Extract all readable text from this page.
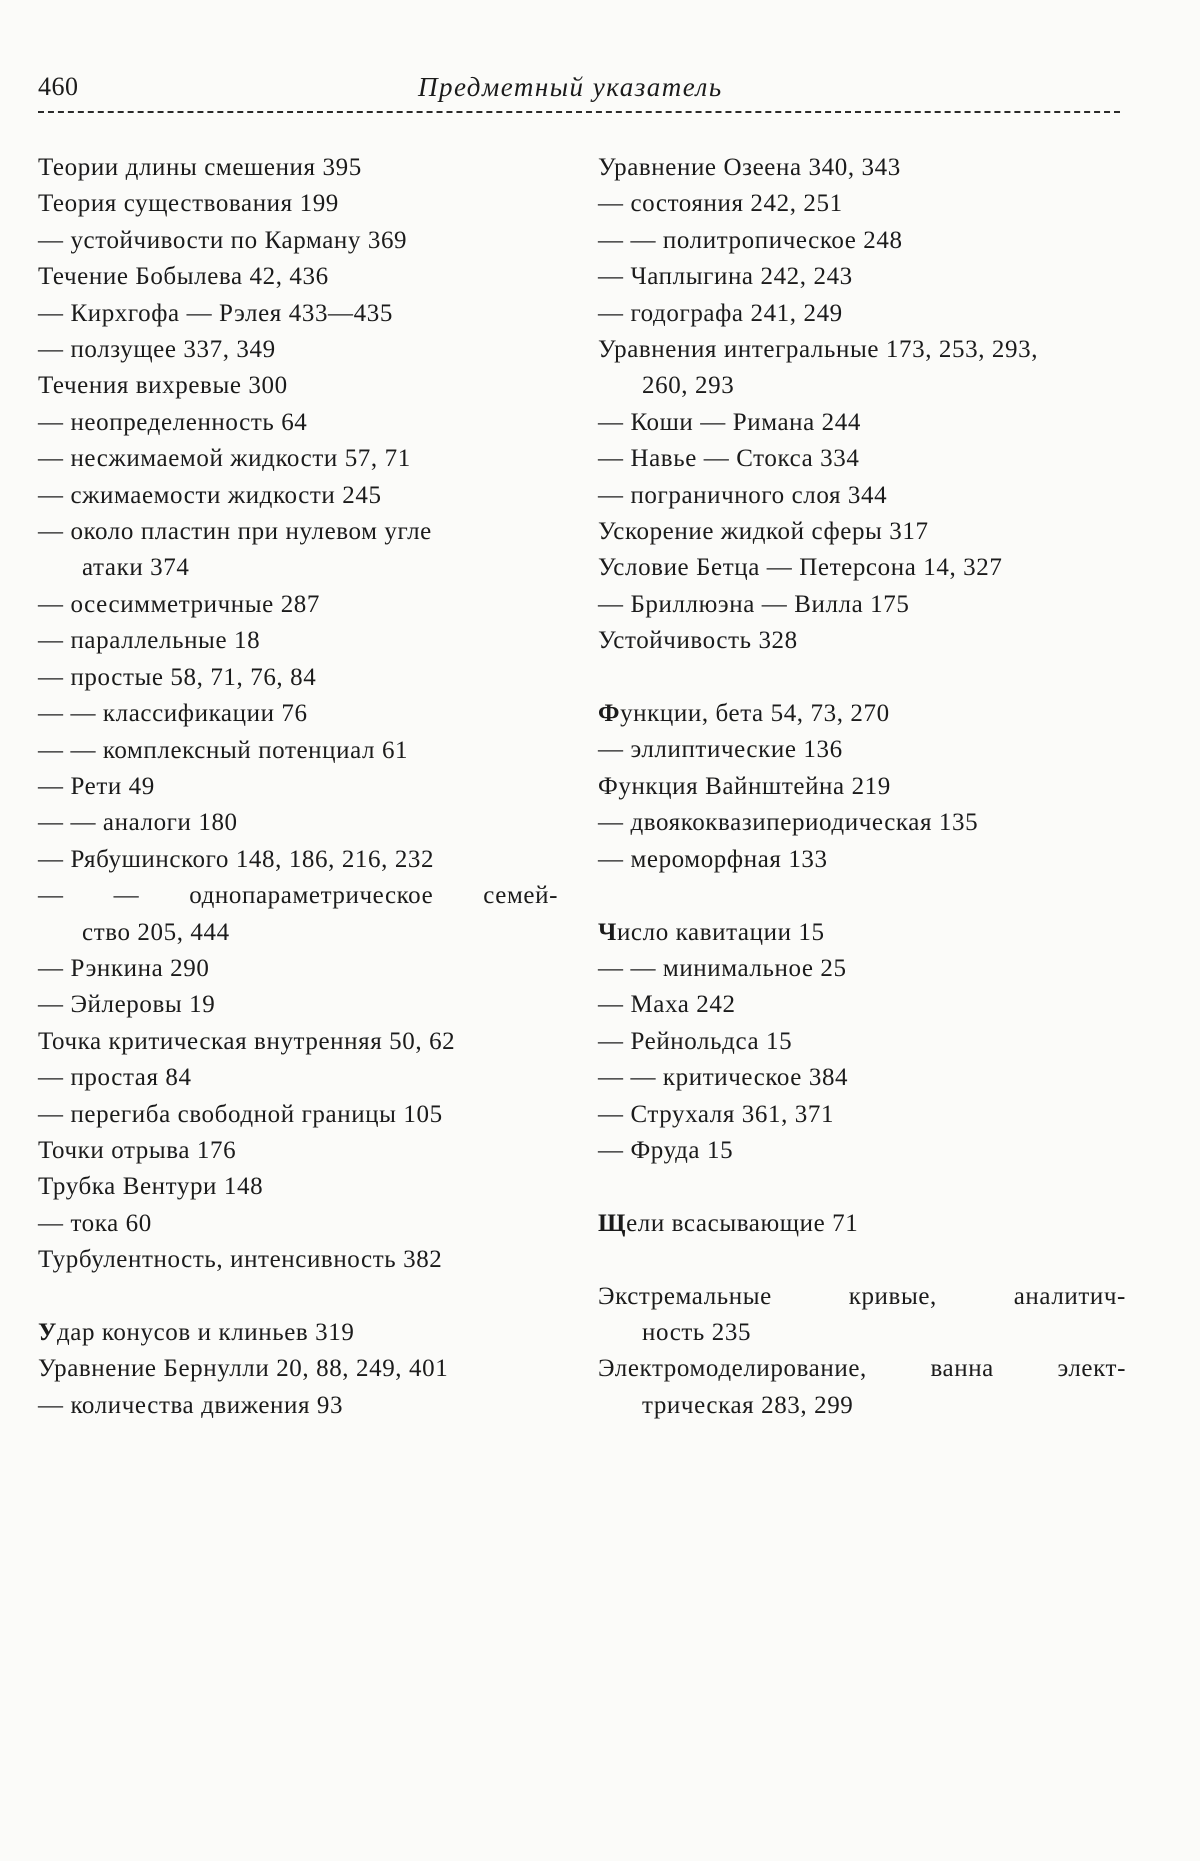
460	Предметный указатель
Теории длины смешения 395
Теория существования 199
— устойчивости по Карману 369
Течение Бобылева 42, 436
— Кирхгофа — Рэлея 433—435
— ползущее 337, 349
Течения вихревые 300
— неопределенность 64
— несжимаемой жидкости 57, 71
— сжимаемости жидкости 245
— около пластин при нулевом угле
атаки 374
— осесимметричные 287
— параллельные 18
— простые 58, 71, 76, 84
— — классификации 76
— — комплексный потенциал 61
— Рети 49
— — аналоги 180
— Рябушинского 148, 186, 216, 232
— — однопараметрическое семей-
ство 205, 444
— Рэнкина 290
— Эйлеровы 19
Точка критическая внутренняя 50, 62
— простая 84
— перегиба свободной границы 105
Точки отрыва 176
Трубка Вентури 148
— тока 60
Турбулентность, интенсивность 382
Удар конусов и клиньев 319
Уравнение Бернулли 20, 88, 249, 401
— количества движения 93
Уравнение Озеена 340, 343
— состояния 242, 251
— — политропическое 248
— Чаплыгина 242, 243
— годографа 241, 249
Уравнения интегральные 173, 253, 293,
260, 293
— Коши — Римана 244
— Навье — Стокса 334
— пограничного слоя 344
Ускорение жидкой сферы 317
Условие Бетца — Петерсона 14, 327
— Бриллюэна — Вилла 175
Устойчивость 328
Функции, бета 54, 73, 270
— эллиптические 136
Функция Вайнштейна 219
— двоякоквазипериодическая 135
— мероморфная 133
Число кавитации 15
— — минимальное 25
— Маха 242
— Рейнольдса 15
— — критическое 384
— Струхаля 361, 371
— Фруда 15
Щели всасывающие 71
Экстремальные кривые, аналитич-
ность 235
Электромоделирование, ванна элект-
трическая 283, 299
